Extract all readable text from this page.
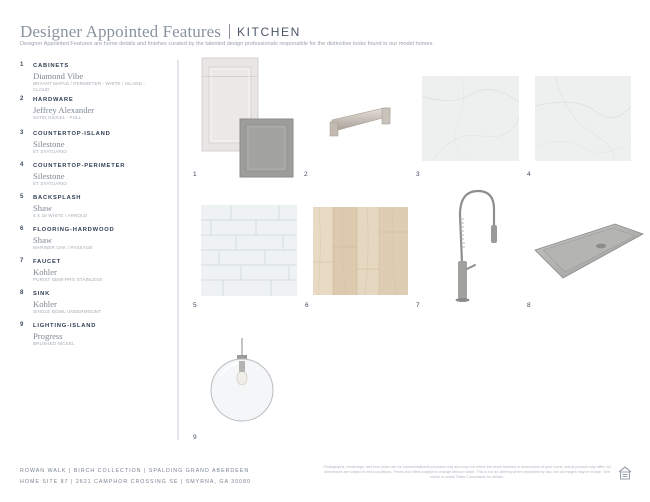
Designer Appointed Features KITCHEN
Designer Appointed Features are home details and finishes curated by the talented design professionals responsible for the distinctive looks found in our model homes.
1 CABINETS
Diamond Vibe
BRYANT MAPLE / PERIMETER - WHITE / ISLAND - CLOUD
2 HARDWARE
Jeffrey Alexander
SATIN NICKEL - PULL
3 COUNTERTOP-ISLAND
Silestone
ET STATUARIO
4 COUNTERTOP-PERIMETER
Silestone
ET STATUARIO
5 BACKSPLASH
Shaw
4 X 16 WHITE / ARNOLD
6 FLOORING-HARDWOOD
Shaw
MARINER OAK / PASSAGE
7 FAUCET
Kohler
PURIST SEMI-PRO STAINLESS
8 SINK
Kohler
SINGLE BOWL UNDERMOUNT
9 LIGHTING-ISLAND
Progress
BRUSHED NICKEL
1	2	3	4
5	6	7	8
9
ROWAN WALK | BIRCH COLLECTION | SPALDING GRAND ABERDEEN
HOME SITE 87 | 2621 CAMPHOR CROSSING SE | SMYRNA, GA 30080
Photographs, renderings, and floor plans are for representational purposes only and may not reflect the exact features or dimensions of your home; actual product may differ. All dimensions are subject to field conditions. Prices and offers subject to change without notice. This is not an offering where prohibited by law. Not all images may be shown. See online or onsite Sales Consultants for details.
